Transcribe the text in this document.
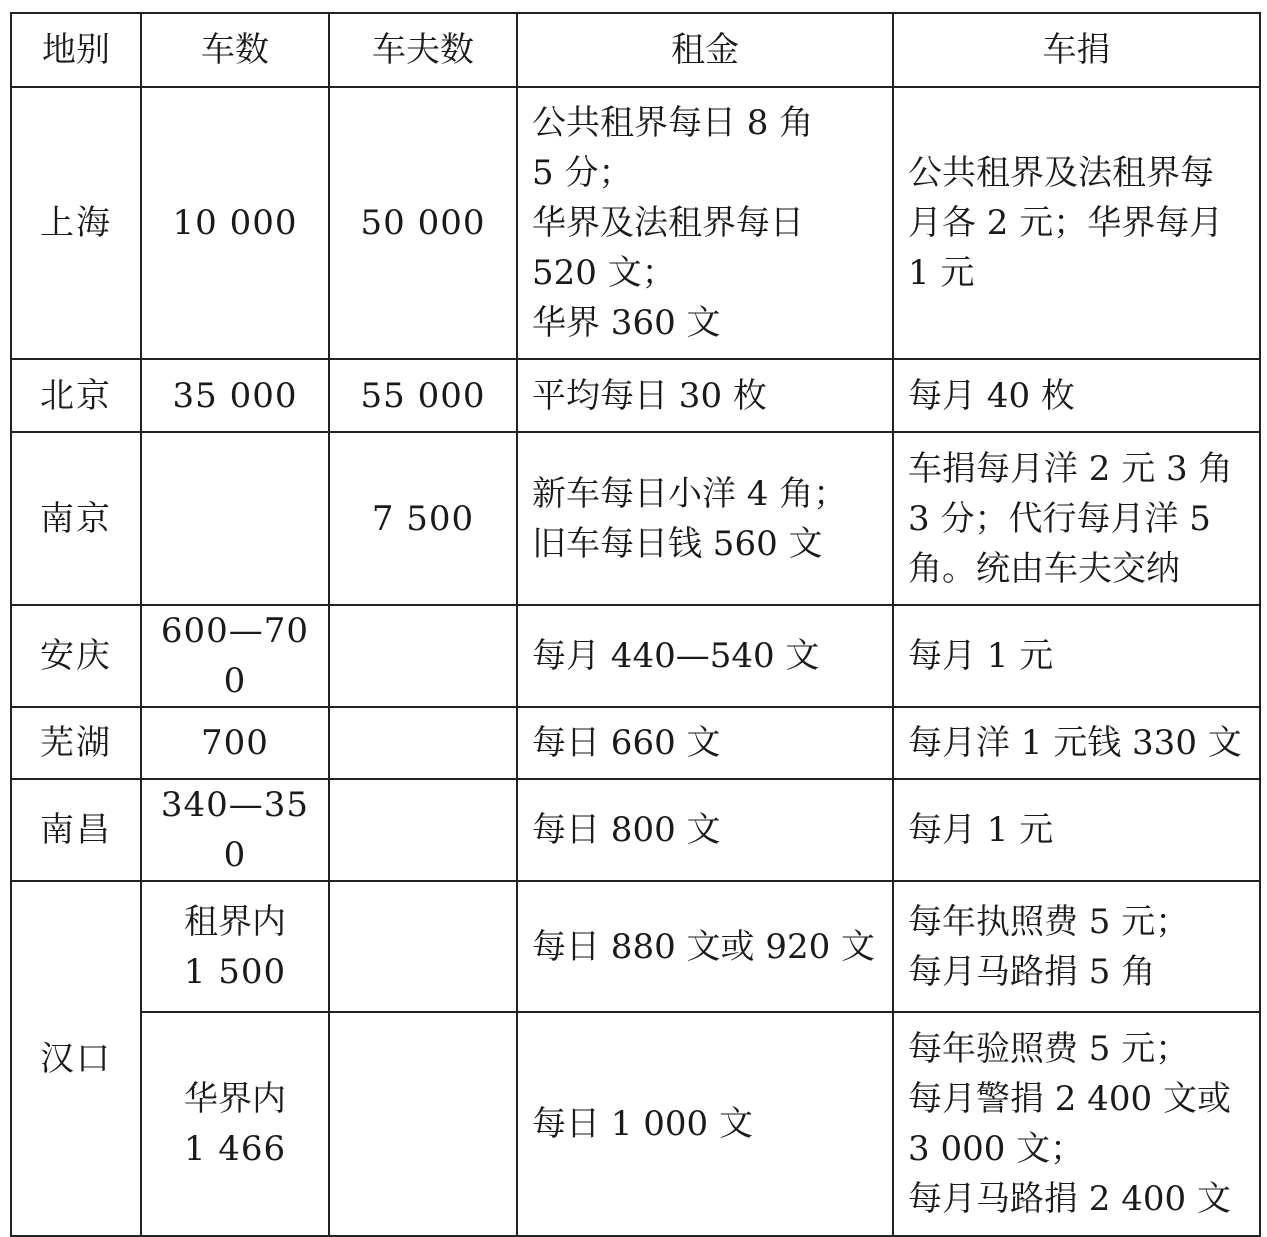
地别	车数	车夫数	租金	车捐
上海	10 000	50 000	公共租界每日 8 角
5 分；
华界及法租界每日
520 文；
华界 360 文	公共租界及法租界每
月各 2 元；华界每月
1 元

北京	35 000	55 000	平均每日 30 枚	每月 40 枚

南京		7 500	新车每日小洋 4 角；
旧车每日钱 560 文	车捐每月洋 2 元 3 角
3 分；代行每月洋 5
角。统由车夫交纳

安庆	600—700		每月 440—540 文	每月 1 元

芜湖	700		每日 660 文	每月洋 1 元钱 330 文

南昌	340—350		每日 800 文	每月 1 元

汉口	租界内
1 500		每日 880 文或 920 文	每年执照费 5 元；
每月马路捐 5 角

	华界内
1 466		每日 1 000 文	每年验照费 5 元；
每月警捐 2 400 文或
3 000 文；
每月马路捐 2 400 文
